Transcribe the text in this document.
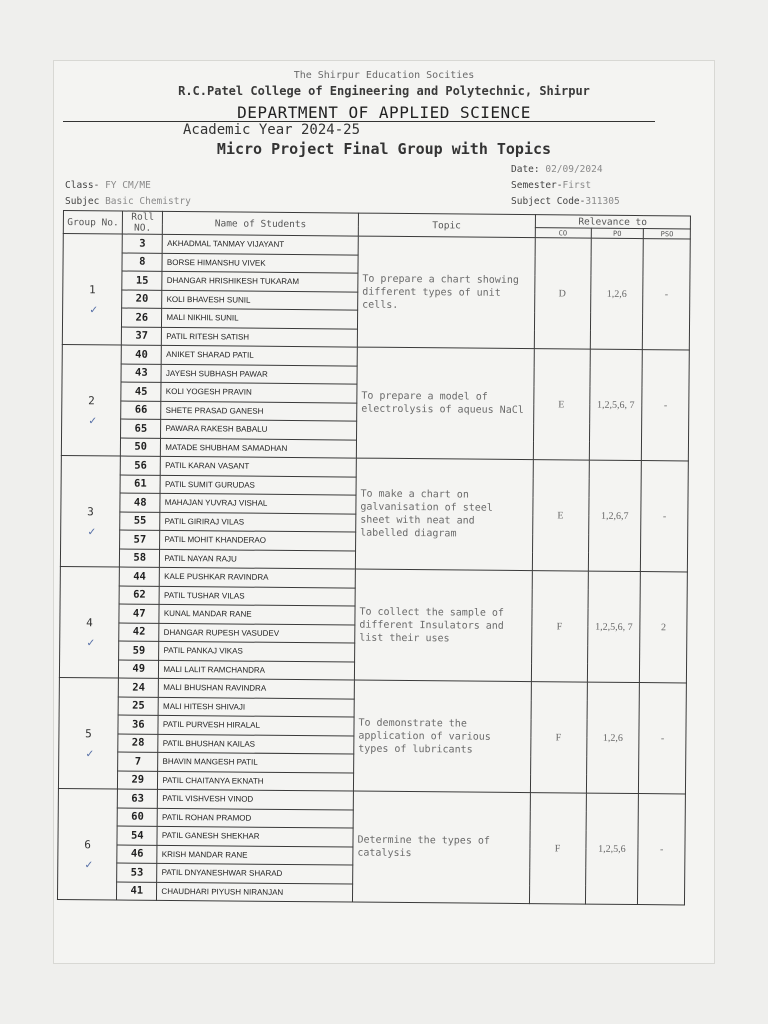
The Shirpur Education Socities
R.C.Patel College of Engineering and Polytechnic, Shirpur
DEPARTMENT OF APPLIED SCIENCE
Academic Year 2024-25
Micro Project Final Group with Topics
Date: 02/09/2024
Class- FY CM/ME	Semester-First
Subjec Basic Chemistry	Subject Code-311305
Group No.	Roll NO.	Name of Students	Topic	Relevance to		
				CO	PO	PSO
1
✓	3	AKHADMAL TANMAY VIJAYANT	To prepare a chart showing different types of unit cells.	D	1,2,6	-
	8	BORSE HIMANSHU VIVEK				
	15	DHANGAR HRISHIKESH TUKARAM				
	20	KOLI BHAVESH SUNIL				
	26	MALI NIKHIL SUNIL				
	37	PATIL RITESH SATISH				
2
✓	40	ANIKET SHARAD PATIL	To prepare a model of electrolysis of aqueus NaCl	E	1,2,5,6, 7	-
	43	JAYESH SUBHASH PAWAR				
	45	KOLI YOGESH PRAVIN				
	66	SHETE PRASAD GANESH				
	65	PAWARA RAKESH BABALU				
	50	MATADE SHUBHAM SAMADHAN				
3
✓	56	PATIL KARAN VASANT	To make a chart on galvanisation of steel sheet with neat and labelled diagram	E	1,2,6,7	-
	61	PATIL SUMIT GURUDAS				
	48	MAHAJAN YUVRAJ VISHAL				
	55	PATIL GIRIRAJ VILAS				
	57	PATIL MOHIT KHANDERAO				
	58	PATIL NAYAN RAJU				
4
✓	44	KALE PUSHKAR RAVINDRA	To collect the sample of different Insulators and list their uses	F	1,2,5,6, 7	2
	62	PATIL TUSHAR VILAS				
	47	KUNAL MANDAR RANE				
	42	DHANGAR RUPESH VASUDEV				
	59	PATIL PANKAJ VIKAS				
	49	MALI LALIT RAMCHANDRA				
5
✓	24	MALI BHUSHAN RAVINDRA	To demonstrate the application of various types of lubricants	F	1,2,6	-
	25	MALI HITESH SHIVAJI				
	36	PATIL PURVESH HIRALAL				
	28	PATIL BHUSHAN KAILAS				
	7	BHAVIN MANGESH PATIL				
	29	PATIL CHAITANYA EKNATH				
6
✓	63	PATIL VISHVESH VINOD	Determine the types of catalysis	F	1,2,5,6	-
	60	PATIL ROHAN PRAMOD				
	54	PATIL GANESH SHEKHAR				
	46	KRISH MANDAR RANE				
	53	PATIL DNYANESHWAR SHARAD				
	41	CHAUDHARI PIYUSH NIRANJAN				
